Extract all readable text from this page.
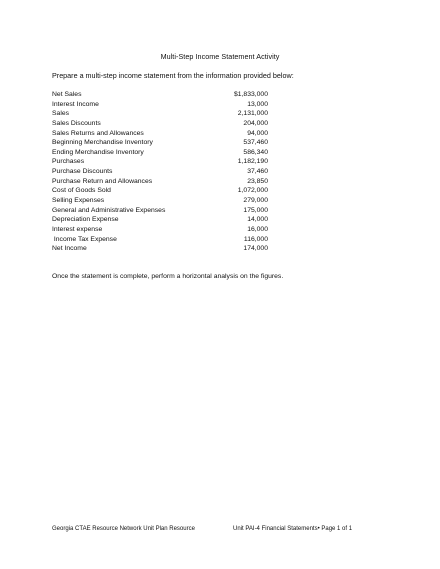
Multi-Step Income Statement Activity
Prepare a multi-step income statement from the information provided below:
Net Sales	$1,833,000
Interest Income	13,000
Sales	2,131,000
Sales Discounts	204,000
Sales Returns and Allowances	94,000
Beginning Merchandise Inventory	537,460
Ending Merchandise Inventory	586,340
Purchases	1,182,190
Purchase Discounts	37,460
Purchase Return and Allowances	23,850
Cost of Goods Sold	1,072,000
Selling Expenses	279,000
General and Administrative Expenses	175,000
Depreciation Expense	14,000
Interest expense	16,000
Income Tax Expense	116,000
Net Income	174,000
Once the statement is complete, perform a horizontal analysis on the figures.
Georgia CTAE Resource Network Unit Plan Resource	Unit PAI-4 Financial Statements• Page 1 of 1
